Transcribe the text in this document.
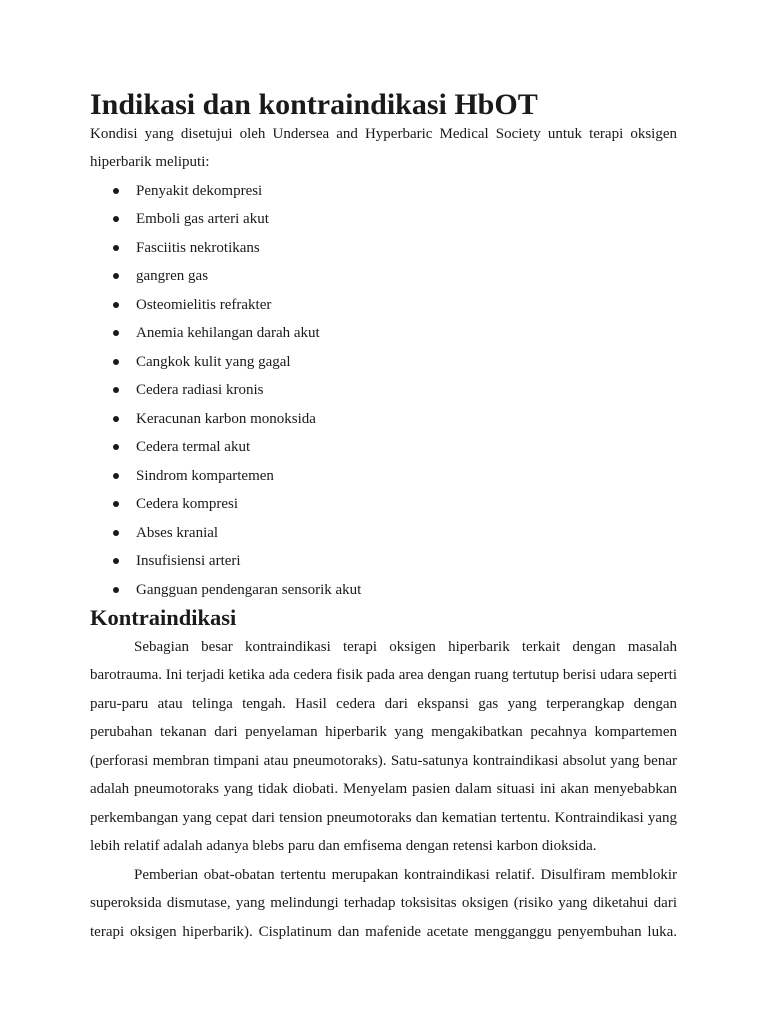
Indikasi dan kontraindikasi HbOT

Kondisi yang disetujui oleh Undersea and Hyperbaric Medical Society untuk terapi oksigen hiperbarik meliputi:

Penyakit dekompresi
Emboli gas arteri akut
Fasciitis nekrotikans
gangren gas
Osteomielitis refrakter
Anemia kehilangan darah akut
Cangkok kulit yang gagal
Cedera radiasi kronis
Keracunan karbon monoksida
Cedera termal akut
Sindrom kompartemen
Cedera kompresi
Abses kranial
Insufisiensi arteri
Gangguan pendengaran sensorik akut
Kontraindikasi

Sebagian besar kontraindikasi terapi oksigen hiperbarik terkait dengan masalah barotrauma. Ini terjadi ketika ada cedera fisik pada area dengan ruang tertutup berisi udara seperti paru-paru atau telinga tengah. Hasil cedera dari ekspansi gas yang terperangkap dengan perubahan tekanan dari penyelaman hiperbarik yang mengakibatkan pecahnya kompartemen (perforasi membran timpani atau pneumotoraks). Satu-satunya kontraindikasi absolut yang benar adalah pneumotoraks yang tidak diobati. Menyelam pasien dalam situasi ini akan menyebabkan perkembangan yang cepat dari tension pneumotoraks dan kematian tertentu. Kontraindikasi yang lebih relatif adalah adanya blebs paru dan emfisema dengan retensi karbon dioksida.

Pemberian obat-obatan tertentu merupakan kontraindikasi relatif. Disulfiram memblokir superoksida dismutase, yang melindungi terhadap toksisitas oksigen (risiko yang diketahui dari terapi oksigen hiperbarik). Cisplatinum dan mafenide acetate mengganggu penyembuhan luka.
